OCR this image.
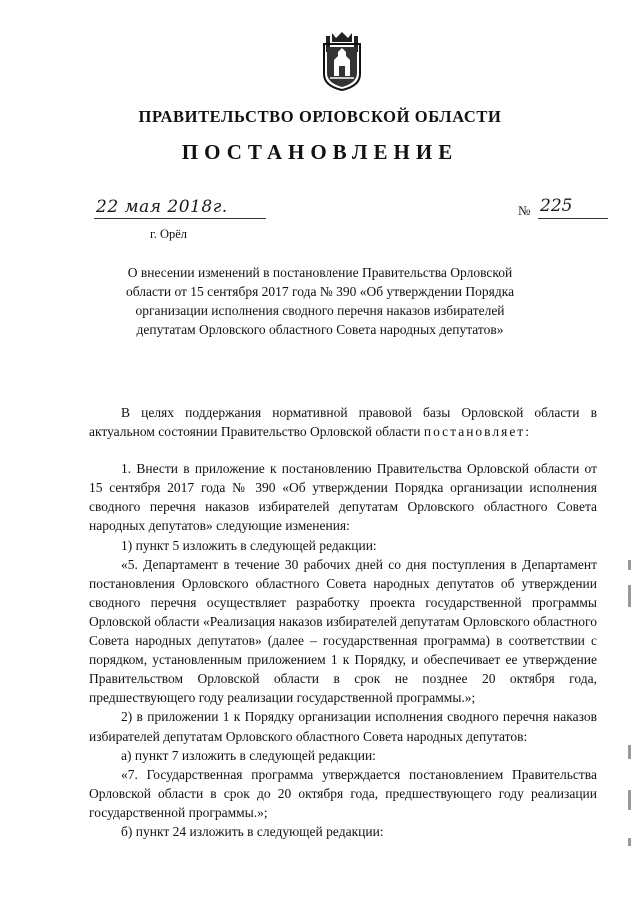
ПРАВИТЕЛЬСТВО ОРЛОВСКОЙ ОБЛАСТИ
ПОСТАНОВЛЕНИЕ
22 мая 2018г.	№ 225
г. Орёл
О внесении изменений в постановление Правительства Орловской области от 15 сентября 2017 года № 390 «Об утверждении Порядка организации исполнения сводного перечня наказов избирателей депутатам Орловского областного Совета народных депутатов»

В целях поддержания нормативной правовой базы Орловской области в актуальном состоянии Правительство Орловской области постановляет:

1. Внести в приложение к постановлению Правительства Орловской области от 15 сентября 2017 года № 390 «Об утверждении Порядка организации исполнения сводного перечня наказов избирателей депутатам Орловского областного Совета народных депутатов» следующие изменения:

1) пункт 5 изложить в следующей редакции:

«5. Департамент в течение 30 рабочих дней со дня поступления в Департамент постановления Орловского областного Совета народных депутатов об утверждении сводного перечня осуществляет разработку проекта государственной программы Орловской области «Реализация наказов избирателей депутатам Орловского областного Совета народных депутатов» (далее – государственная программа) в соответствии с порядком, установленным приложением 1 к Порядку, и обеспечивает ее утверждение Правительством Орловской области в срок не позднее 20 октября года, предшествующего году реализации государственной программы.»;

2) в приложении 1 к Порядку организации исполнения сводного перечня наказов избирателей депутатам Орловского областного Совета народных депутатов:

а) пункт 7 изложить в следующей редакции:

«7. Государственная программа утверждается постановлением Правительства Орловской области в срок до 20 октября года, предшествующего году реализации государственной программы.»;

б) пункт 24 изложить в следующей редакции:
